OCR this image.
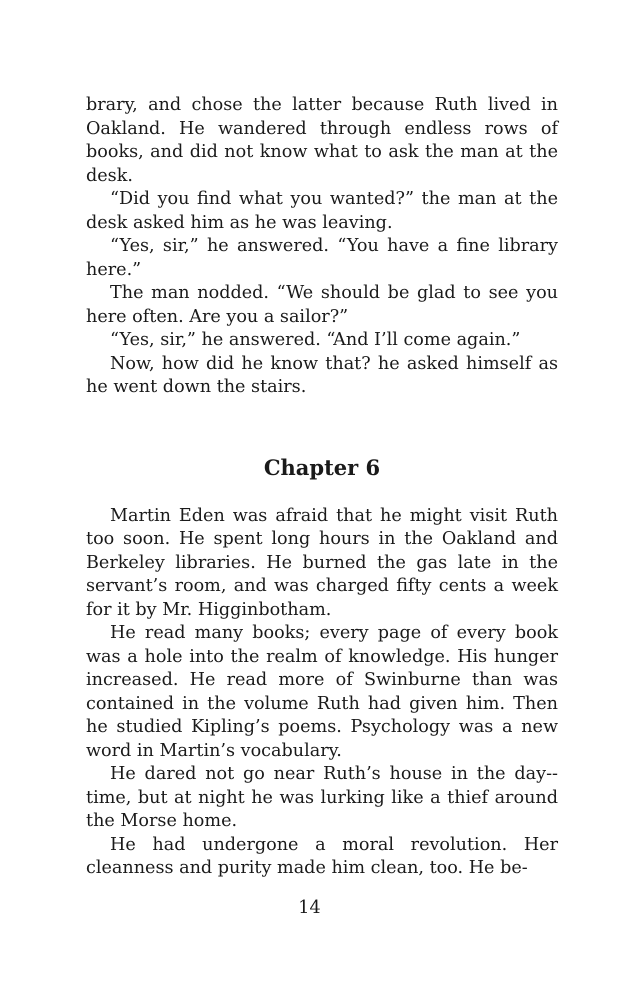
brary, and chose the latter because Ruth lived in Oakland. He wandered through endless rows of books, and did not know what to ask the man at the desk.

“Did you find what you wanted?” the man at the desk asked him as he was leaving.

“Yes, sir,” he answered. “You have a fine library here.”

The man nodded. “We should be glad to see you here often. Are you a sailor?”

“Yes, sir,” he answered. “And I’ll come again.”

Now, how did he know that? he asked himself as he went down the stairs.

Chapter 6

Martin Eden was afraid that he might visit Ruth too soon. He spent long hours in the Oakland and Berkeley libraries. He burned the gas late in the servant’s room, and was charged fifty cents a week for it by Mr. Higginbotham.

He read many books; every page of every book was a hole into the realm of knowledge. His hunger increased. He read more of Swinburne than was contained in the volume Ruth had given him. Then he studied Kipling’s poems. Psychology was a new word in Martin’s vocabulary.

He dared not go near Ruth’s house in the day-time, but at night he was lurking like a thief around the Morse home.

He had undergone a moral revolution. Her cleanness and purity made him clean, too. He be-

14
